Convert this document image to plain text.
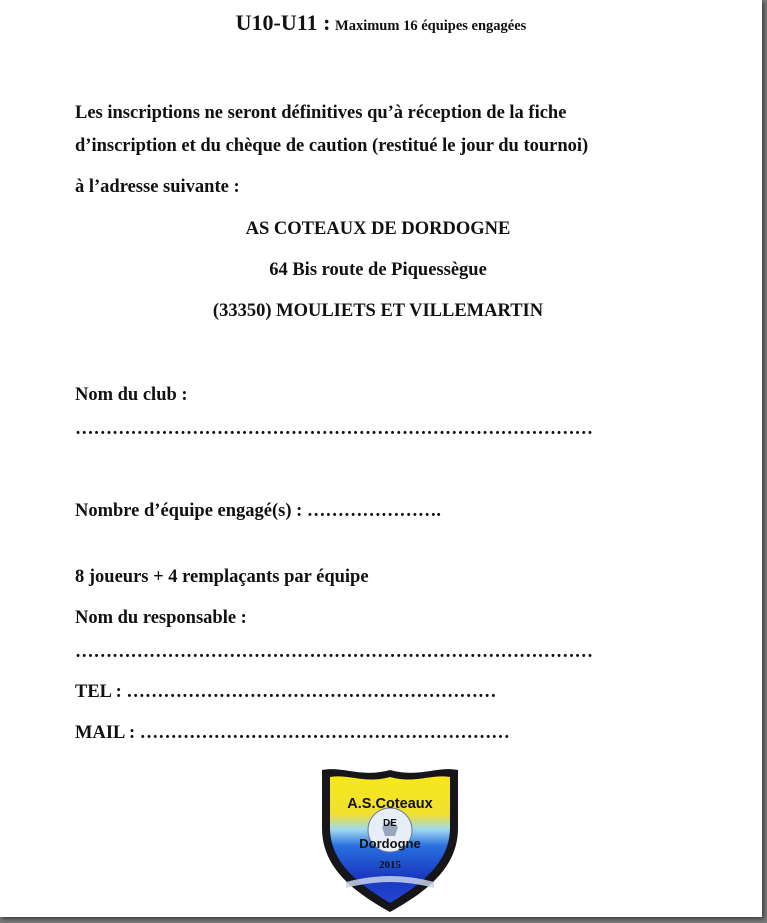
U10-U11 : Maximum 16 équipes engagées
Les inscriptions ne seront définitives qu’à réception de la fiche
d’inscription et du chèque de caution (restitué le jour du tournoi)
à l’adresse suivante :
AS COTEAUX DE DORDOGNE
64 Bis route de Piquessègue
(33350) MOULIETS ET VILLEMARTIN
Nom du club :
…………………………………………………………………………
Nombre d’équipe engagé(s) : ………………….
8 joueurs + 4 remplaçants par équipe
Nom du responsable :
…………………………………………………………………………
TEL : ……………………………………………………
MAIL : ……………………………………………………
A.S.Coteaux
DE
Dordogne
2015
